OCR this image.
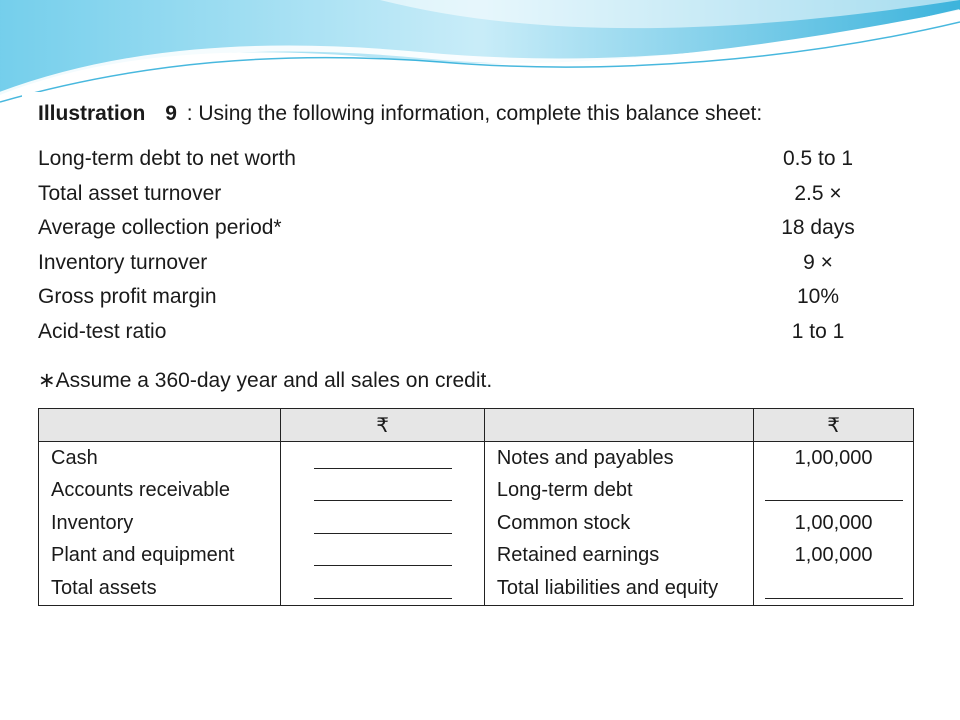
Illustration 9 : Using the following information, complete this balance sheet:
Long-term debt to net worth	0.5 to 1
Total asset turnover	2.5 ×
Average collection period*	18 days
Inventory turnover	9 ×
Gross profit margin	10%
Acid-test ratio	1 to 1
∗Assume a 360-day year and all sales on credit.
	₹		₹
Cash		Notes and payables	1,00,000
Accounts receivable		Long-term debt	
Inventory		Common stock	1,00,000
Plant and equipment		Retained earnings	1,00,000
Total assets		Total liabilities and equity	
